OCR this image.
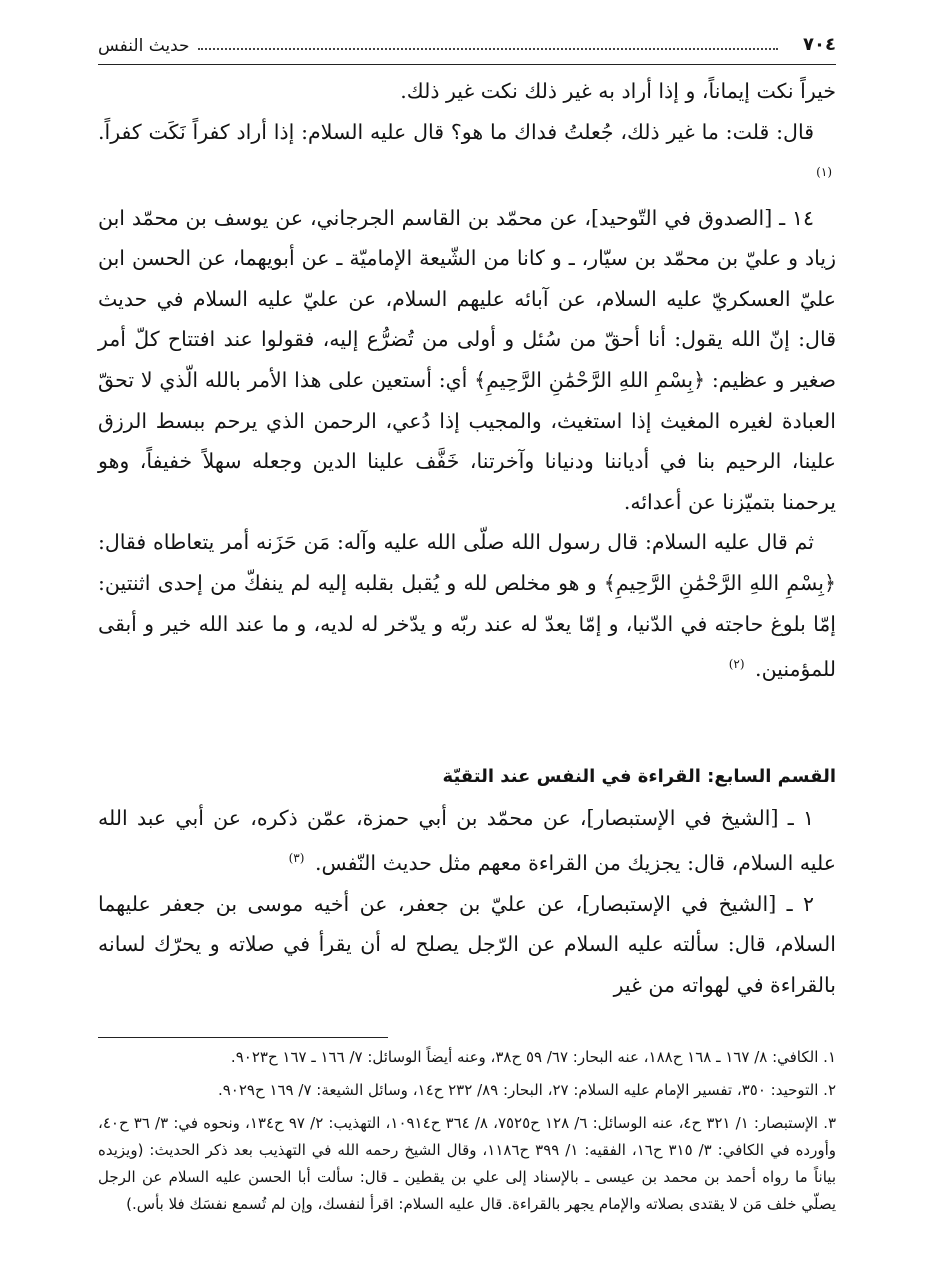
٧٠٤
حديث النفس

خيراً نكت إيماناً، و إذا أراد به غير ذلك نكت غير ذلك.

قال: قلت: ما غير ذلك، جُعلتُ فداك ما هو؟ قال عليه السلام: إذا أراد كفراً نَكَت كفراً. $^{(١)}$

١٤ ـ [الصدوق في التّوحيد]، عن محمّد بن القاسم الجرجاني، عن يوسف بن محمّد ابن زياد و عليّ بن محمّد بن سيّار، ـ و كانا من الشّيعة الإماميّة ـ عن أبويهما، عن الحسن ابن عليّ العسكريّ عليه السلام، عن آبائه عليهم السلام، عن عليّ عليه السلام في حديث قال: إنّ الله يقول: أنا أحقّ من سُئل و أولى من تُضرُّع إليه، فقولوا عند افتتاح كلّ أمر صغير و عظيم: ﴿بِسْمِ اللهِ الرَّحْمَٰنِ الرَّحِيمِ﴾ أي: أستعين على هذا الأمر بالله الّذي لا تحقّ العبادة لغيره المغيث إذا استغيث، والمجيب إذا دُعي، الرحمن الذي يرحم ببسط الرزق علينا، الرحيم بنا في أدياننا ودنيانا وآخرتنا، خَفَّف علينا الدين وجعله سهلاً خفيفاً، وهو يرحمنا بتميّزنا عن أعدائه.

ثم قال عليه السلام: قال رسول الله صلّى الله عليه وآله: مَن حَزَنه أمر يتعاطاه فقال: ﴿بِسْمِ اللهِ الرَّحْمَٰنِ الرَّحِيمِ﴾ و هو مخلص لله و يُقبل بقلبه إليه لم ينفكّ من إحدى اثنتين: إمّا بلوغ حاجته في الدّنيا، و إمّا يعدّ له عند ربّه و يدّخر له لديه، و ما عند الله خير و أبقى للمؤمنين. $^{(٢)}$

القسم السابع: القراءة في النفس عند التقيّة

١ ـ [الشيخ في الإستبصار]، عن محمّد بن أبي حمزة، عمّن ذكره، عن أبي عبد الله عليه السلام، قال: يجزيك من القراءة معهم مثل حديث النّفس. $^{(٣)}$

٢ ـ [الشيخ في الإستبصار]، عن عليّ بن جعفر، عن أخيه موسى بن جعفر عليهما السلام، قال: سألته عليه السلام عن الرّجل يصلح له أن يقرأ في صلاته و يحرّك لسانه بالقراءة في لهواته من غير

١. الكافي: ٨/ ١٦٧ ـ ١٦٨ ح١٨٨، عنه البحار: ٦٧/ ٥٩ ح٣٨، وعنه أيضاً الوسائل: ٧/ ١٦٦ ـ ١٦٧ ح٩٠٢٣.

٢. التوحيد: ٣٥٠، تفسير الإمام عليه السلام: ٢٧، البحار: ٨٩/ ٢٣٢ ح١٤، وسائل الشيعة: ٧/ ١٦٩ ح٩٠٢٩.

٣. الإستبصار: ١/ ٣٢١ ح٤، عنه الوسائل: ٦/ ١٢٨ ح٧٥٢٥، ٨/ ٣٦٤ ح١٠٩١٤، التهذيب: ٢/ ٩٧ ح١٣٤، ونحوه في: ٣/ ٣٦ ح٤٠، وأورده في الكافي: ٣/ ٣١٥ ح١٦، الفقيه: ١/ ٣٩٩ ح١١٨٦، وقال الشيخ رحمه الله في التهذيب بعد ذكر الحديث: (ويزيده بياناً ما رواه أحمد بن محمد بن عيسى ـ بالإسناد إلى علي بن يقطين ـ قال: سألت أبا الحسن عليه السلام عن الرجل يصلّي خلف مَن لا يقتدى بصلاته والإمام يجهر بالقراءة. قال عليه السلام: اقرأ لنفسك، وإن لم تُسمع نفسَك فلا بأس.)
